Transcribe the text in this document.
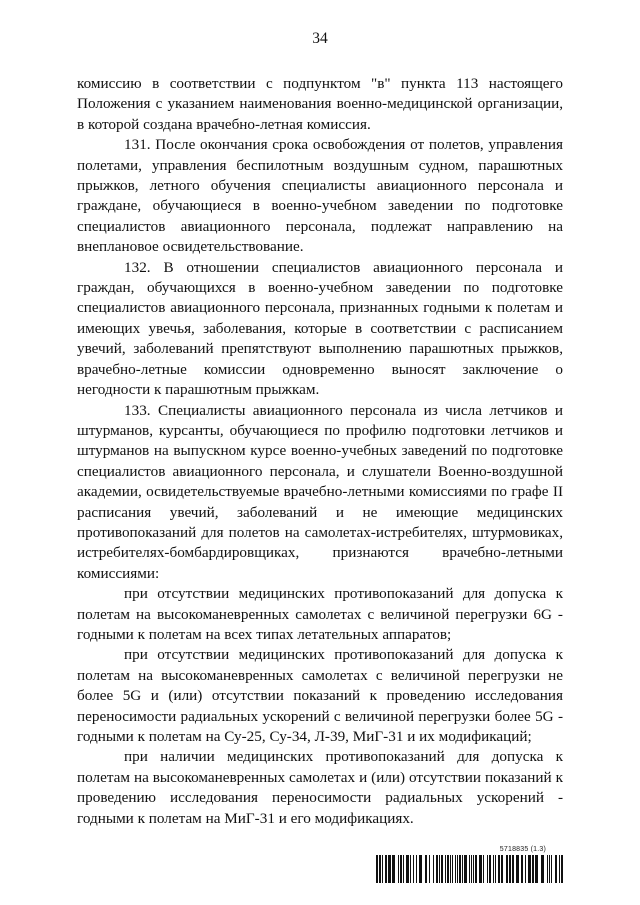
34

комиссию в соответствии с подпунктом "в" пункта 113 настоящего Положения с указанием наименования военно-медицинской организации, в которой создана врачебно-летная комиссия.

131. После окончания срока освобождения от полетов, управления полетами, управления беспилотным воздушным судном, парашютных прыжков, летного обучения специалисты авиационного персонала и граждане, обучающиеся в военно-учебном заведении по подготовке специалистов авиационного персонала, подлежат направлению на внеплановое освидетельствование.

132. В отношении специалистов авиационного персонала и граждан, обучающихся в военно-учебном заведении по подготовке специалистов авиационного персонала, признанных годными к полетам и имеющих увечья, заболевания, которые в соответствии с расписанием увечий, заболеваний препятствуют выполнению парашютных прыжков, врачебно-летные комиссии одновременно выносят заключение о негодности к парашютным прыжкам.

133. Специалисты авиационного персонала из числа летчиков и штурманов, курсанты, обучающиеся по профилю подготовки летчиков и штурманов на выпускном курсе военно-учебных заведений по подготовке специалистов авиационного персонала, и слушатели Военно-воздушной академии, освидетельствуемые врачебно-летными комиссиями по графе II расписания увечий, заболеваний и не имеющие медицинских противопоказаний для полетов на самолетах-истребителях, штурмовиках, истребителях-бомбардировщиках, признаются врачебно-летными комиссиями:

при отсутствии медицинских противопоказаний для допуска к полетам на высокоманевренных самолетах с величиной перегрузки 6G - годными к полетам на всех типах летательных аппаратов;

при отсутствии медицинских противопоказаний для допуска к полетам на высокоманевренных самолетах с величиной перегрузки не более 5G и (или) отсутствии показаний к проведению исследования переносимости радиальных ускорений с величиной перегрузки более 5G - годными к полетам на Су-25, Су-34, Л-39, МиГ-31 и их модификаций;

при наличии медицинских противопоказаний для допуска к полетам на высокоманевренных самолетах и (или) отсутствии показаний к проведению исследования переносимости радиальных ускорений - годными к полетам на МиГ-31 и его модификациях.

5718835 (1.3)
